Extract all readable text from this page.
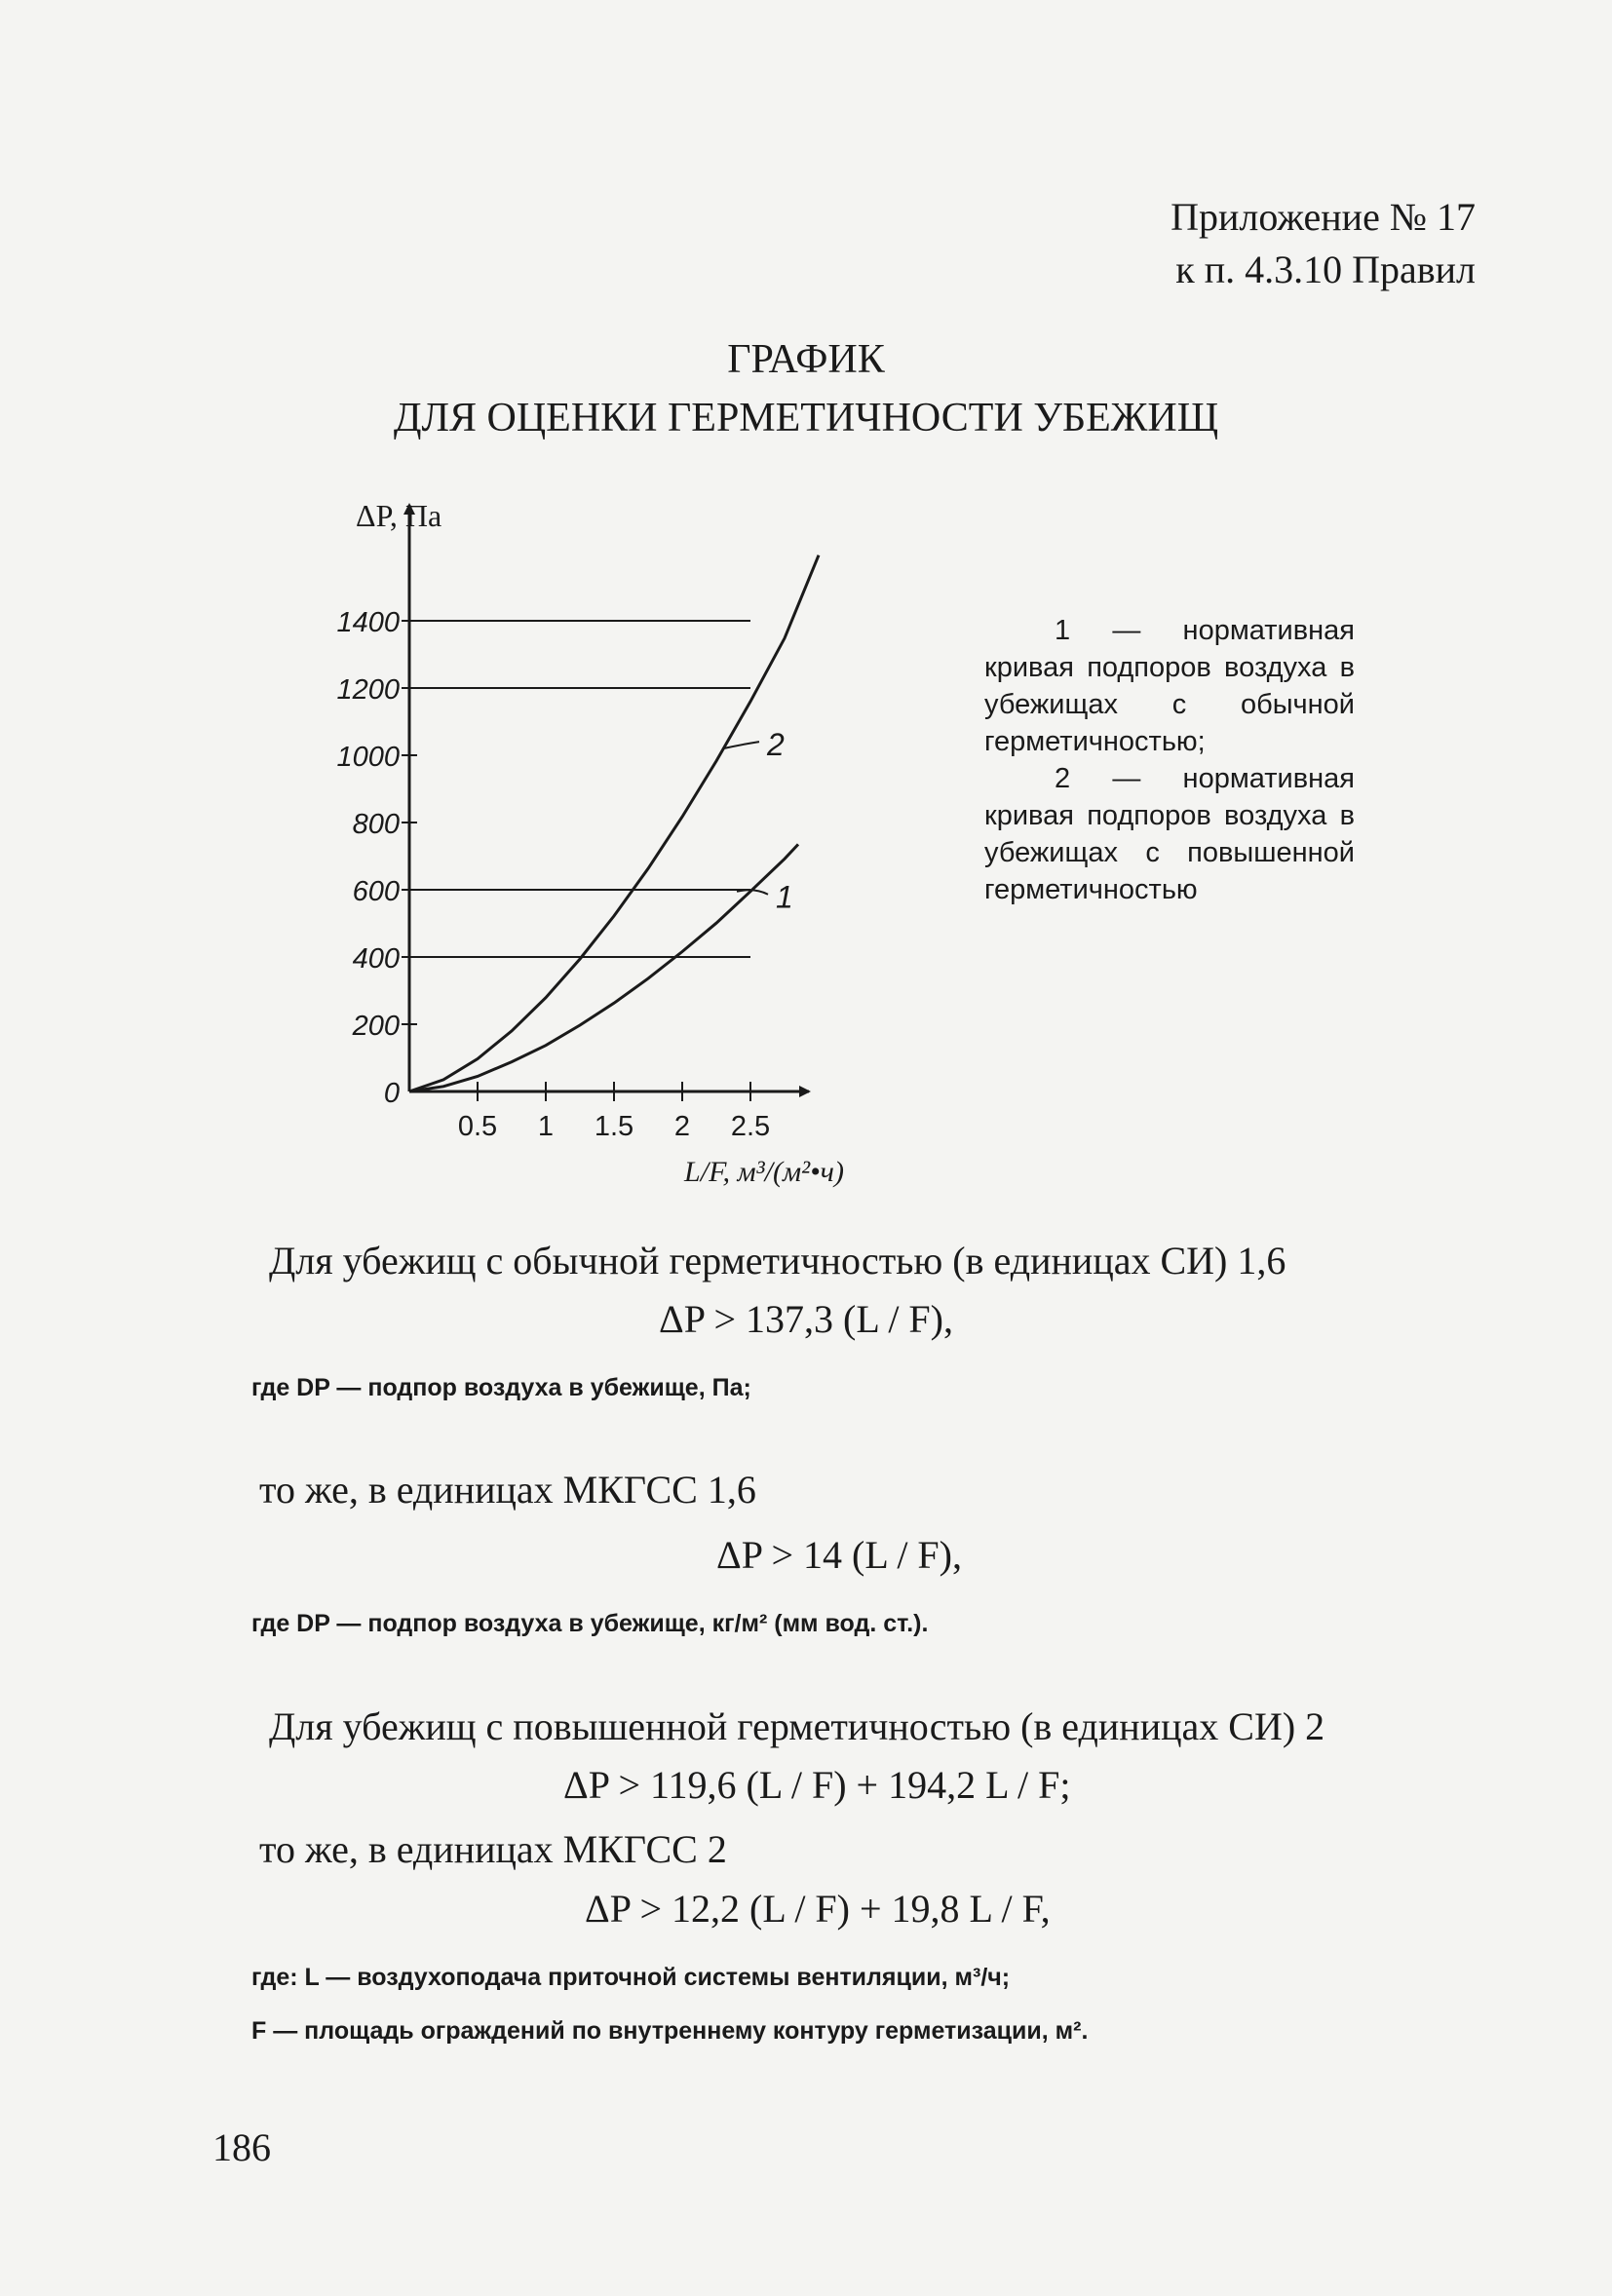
Приложение № 17
к п. 4.3.10 Правил
ГРАФИК
ДЛЯ ОЦЕНКИ ГЕРМЕТИЧНОСТИ УБЕЖИЩ
0
200
400
600
800
1000
1200
1400
0.5 1 1.5 2 2.5
1
2
ΔP, Па
L/F, м³/(м²•ч)

1 — нормативная кривая подпоров воздуха в убежищах с обычной герметичностью;

2 — нормативная кривая подпоров воздуха в убежищах с повышенной герметичностью

Для убежищ с обычной герметичностью (в единицах СИ) 1,6
ΔP > 137,3 (L / F),
где DP — подпор воздуха в убежище, Па;
то же, в единицах МКГСС 1,6
ΔP > 14 (L / F),
где DP — подпор воздуха в убежище, кг/м² (мм вод. ст.).
Для убежищ с повышенной герметичностью (в единицах СИ) 2
ΔP > 119,6 (L / F) + 194,2 L / F;
то же, в единицах МКГСС 2
ΔP > 12,2 (L / F) + 19,8 L / F,
где: L — воздухоподача приточной системы вентиляции, м³/ч;
F — площадь ограждений по внутреннему контуру герметизации, м².
186
